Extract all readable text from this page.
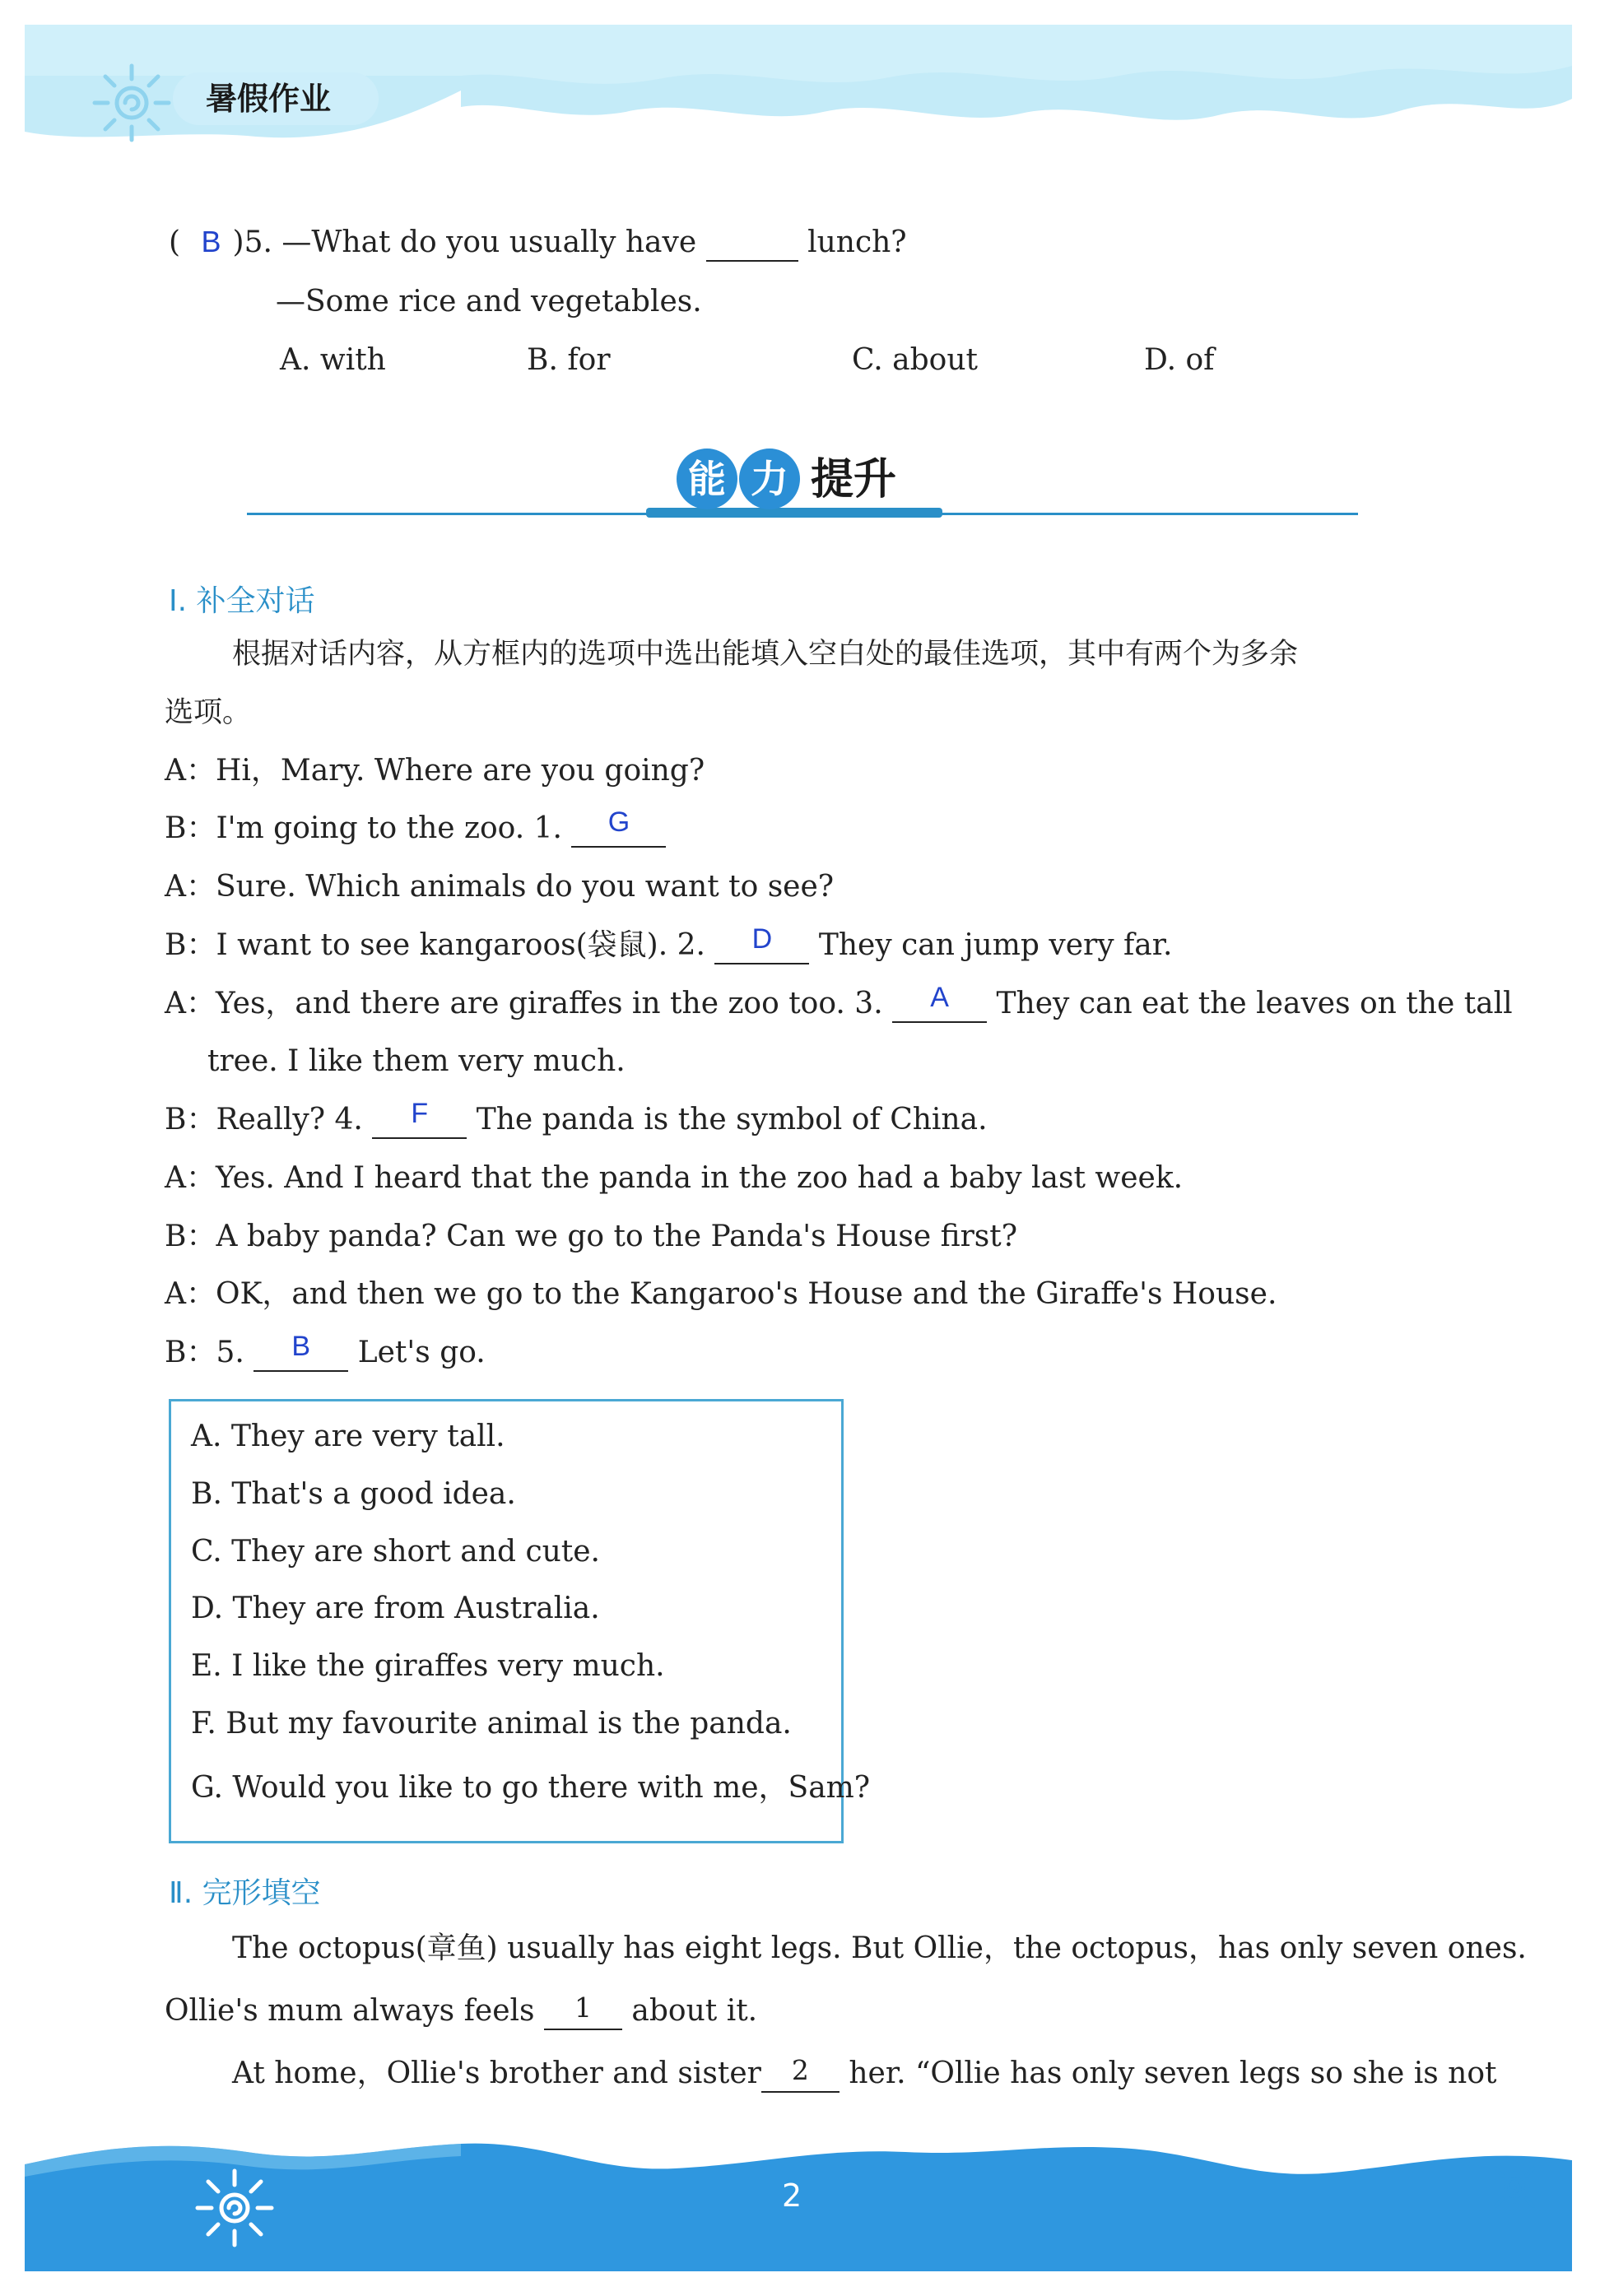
暑假作业
( B )5. —What do you usually have	lunch?
—Some rice and vegetables.
A. with	B. for	C. about	D. of
能 力 提升
Ⅰ. 补全对话
根据对话内容，从方框内的选项中选出能填入空白处的最佳选项，其中有两个为多余
选项。
A：Hi，Mary. Where are you going?
B：I'm going to the zoo. 1. G
A：Sure. Which animals do you want to see?
B：I want to see kangaroos(袋鼠). 2. D They can jump very far.
A：Yes，and there are giraffes in the zoo too. 3. A They can eat the leaves on the tall
tree. I like them very much.
B：Really? 4. F The panda is the symbol of China.
A：Yes. And I heard that the panda in the zoo had a baby last week.
B：A baby panda? Can we go to the Panda's House first?
A：OK，and then we go to the Kangaroo's House and the Giraffe's House.
B：5. B Let's go.
A. They are very tall.
B. That's a good idea.
C. They are short and cute.
D. They are from Australia.
E. I like the giraffes very much.
F. But my favourite animal is the panda.
G. Would you like to go there with me，Sam?
Ⅱ. 完形填空
The octopus(章鱼) usually has eight legs. But Ollie，the octopus，has only seven ones.
Ollie's mum always feels 1 about it.
At home，Ollie's brother and sister 2 her. “Ollie has only seven legs so she is not
2
